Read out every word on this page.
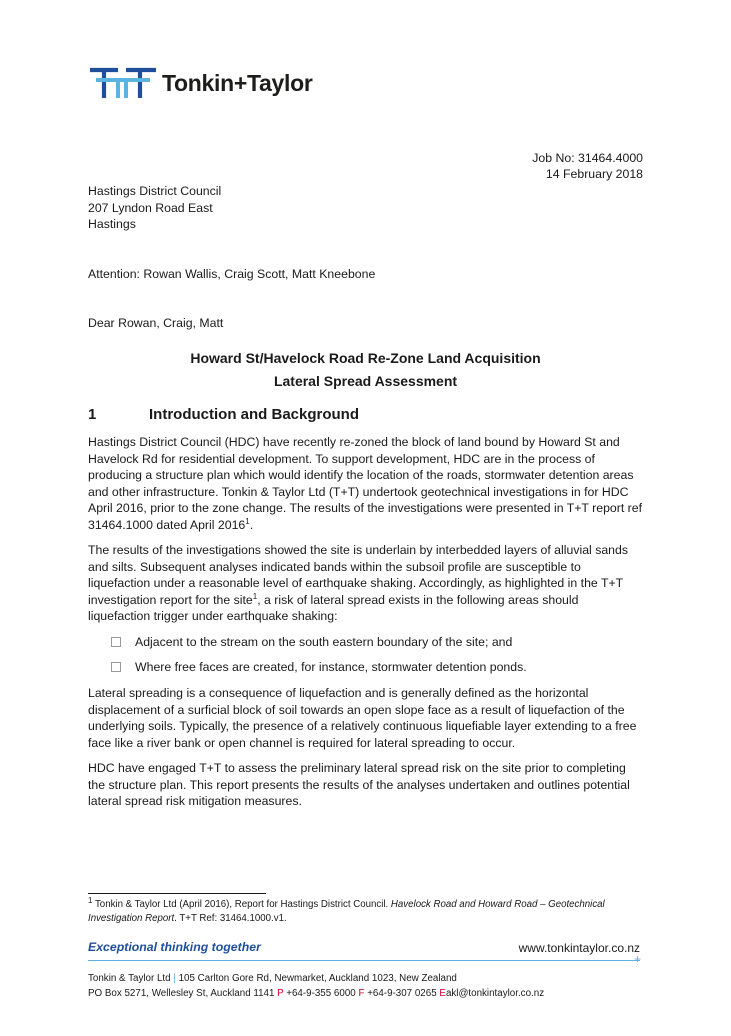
Tonkin+Taylor
Job No: 31464.4000
14 February 2018
Hastings District Council
207 Lyndon Road East
Hastings
Attention: Rowan Wallis, Craig Scott, Matt Kneebone
Dear Rowan, Craig, Matt
Howard St/Havelock Road Re-Zone Land Acquisition
Lateral Spread Assessment
1	Introduction and Background
Hastings District Council (HDC) have recently re-zoned the block of land bound by Howard St and Havelock Rd for residential development. To support development, HDC are in the process of producing a structure plan which would identify the location of the roads, stormwater detention areas and other infrastructure. Tonkin & Taylor Ltd (T+T) undertook geotechnical investigations in for HDC April 2016, prior to the zone change. The results of the investigations were presented in T+T report ref 31464.1000 dated April 2016$^1$.
The results of the investigations showed the site is underlain by interbedded layers of alluvial sands and silts. Subsequent analyses indicated bands within the subsoil profile are susceptible to liquefaction under a reasonable level of earthquake shaking. Accordingly, as highlighted in the T+T investigation report for the site$^1$, a risk of lateral spread exists in the following areas should liquefaction trigger under earthquake shaking:
Adjacent to the stream on the south eastern boundary of the site; and
Where free faces are created, for instance, stormwater detention ponds.
Lateral spreading is a consequence of liquefaction and is generally defined as the horizontal displacement of a surficial block of soil towards an open slope face as a result of liquefaction of the underlying soils. Typically, the presence of a relatively continuous liquefiable layer extending to a free face like a river bank or open channel is required for lateral spreading to occur.
HDC have engaged T+T to assess the preliminary lateral spread risk on the site prior to completing the structure plan. This report presents the results of the analyses undertaken and outlines potential lateral spread risk mitigation measures.
$^1$ Tonkin & Taylor Ltd (April 2016), Report for Hastings District Council. Havelock Road and Howard Road – Geotechnical Investigation Report. T+T Ref: 31464.1000.v1.
Exceptional thinking together	www.tonkintaylor.co.nz
+
Tonkin & Taylor Ltd | 105 Carlton Gore Rd, Newmarket, Auckland 1023, New Zealand
PO Box 5271, Wellesley St, Auckland 1141 P +64-9-355 6000 F +64-9-307 0265 Eakl@tonkintaylor.co.nz
